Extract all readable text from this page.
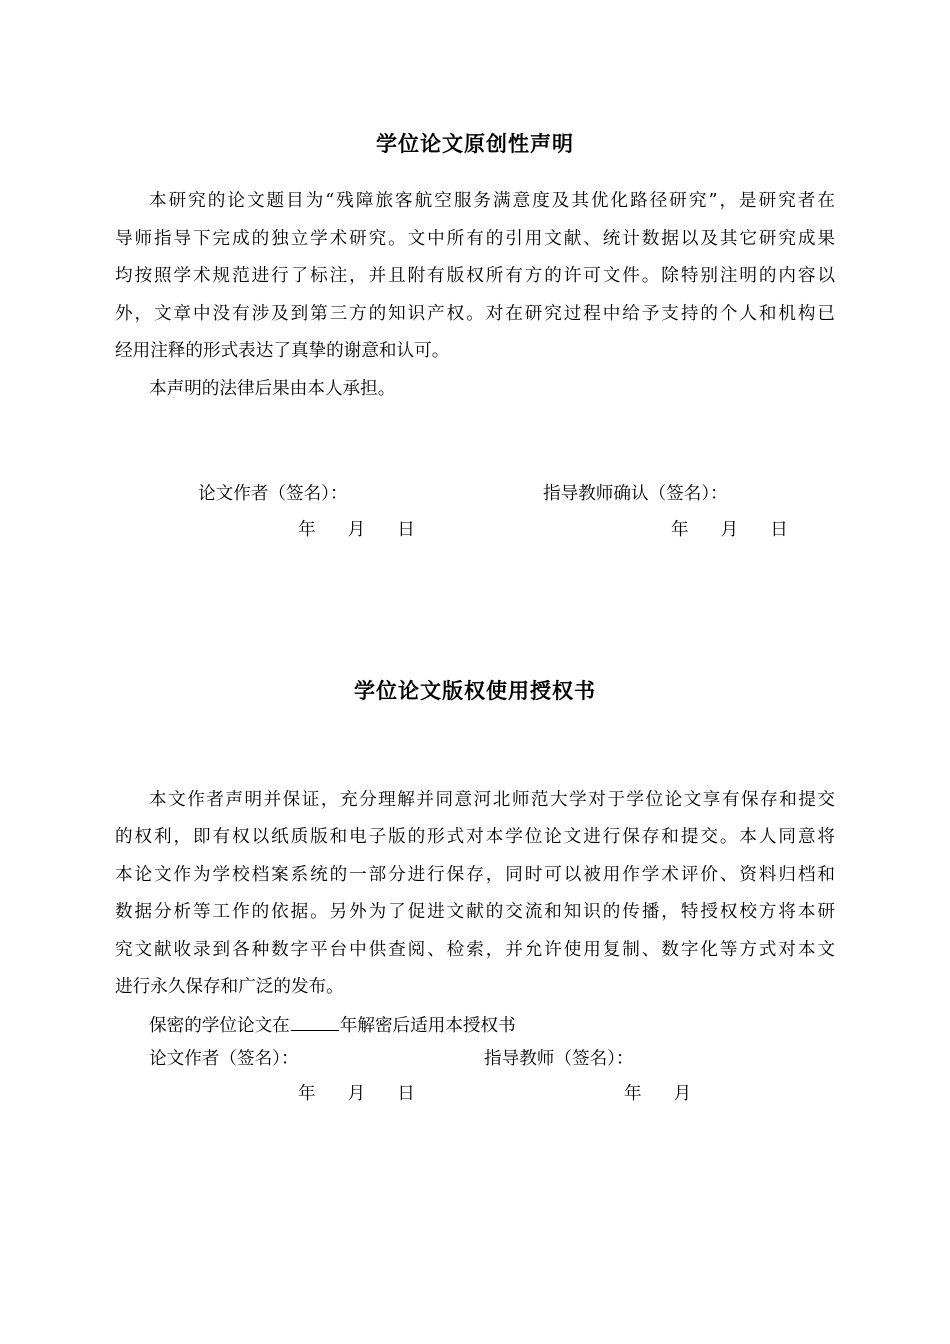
学位论文原创性声明
本研究的论文题目为“残障旅客航空服务满意度及其优化路径研究”，是研究者在
导师指导下完成的独立学术研究。文中所有的引用文献、统计数据以及其它研究成果
均按照学术规范进行了标注，并且附有版权所有方的许可文件。除特别注明的内容以
外，文章中没有涉及到第三方的知识产权。对在研究过程中给予支持的个人和机构已
经用注释的形式表达了真挚的谢意和认可。
本声明的法律后果由本人承担。
论文作者（签名）：	指导教师确认（签名）：
年 月 日	年 月 日
学位论文版权使用授权书
本文作者声明并保证，充分理解并同意河北师范大学对于学位论文享有保存和提交
的权利，即有权以纸质版和电子版的形式对本学位论文进行保存和提交。本人同意将
本论文作为学校档案系统的一部分进行保存，同时可以被用作学术评价、资料归档和
数据分析等工作的依据。另外为了促进文献的交流和知识的传播，特授权校方将本研
究文献收录到各种数字平台中供查阅、检索，并允许使用复制、数字化等方式对本文
进行永久保存和广泛的发布。
保密的学位论文在	年解密后适用本授权书
论文作者（签名）：	指导教师（签名）：
年 月 日	年 月
